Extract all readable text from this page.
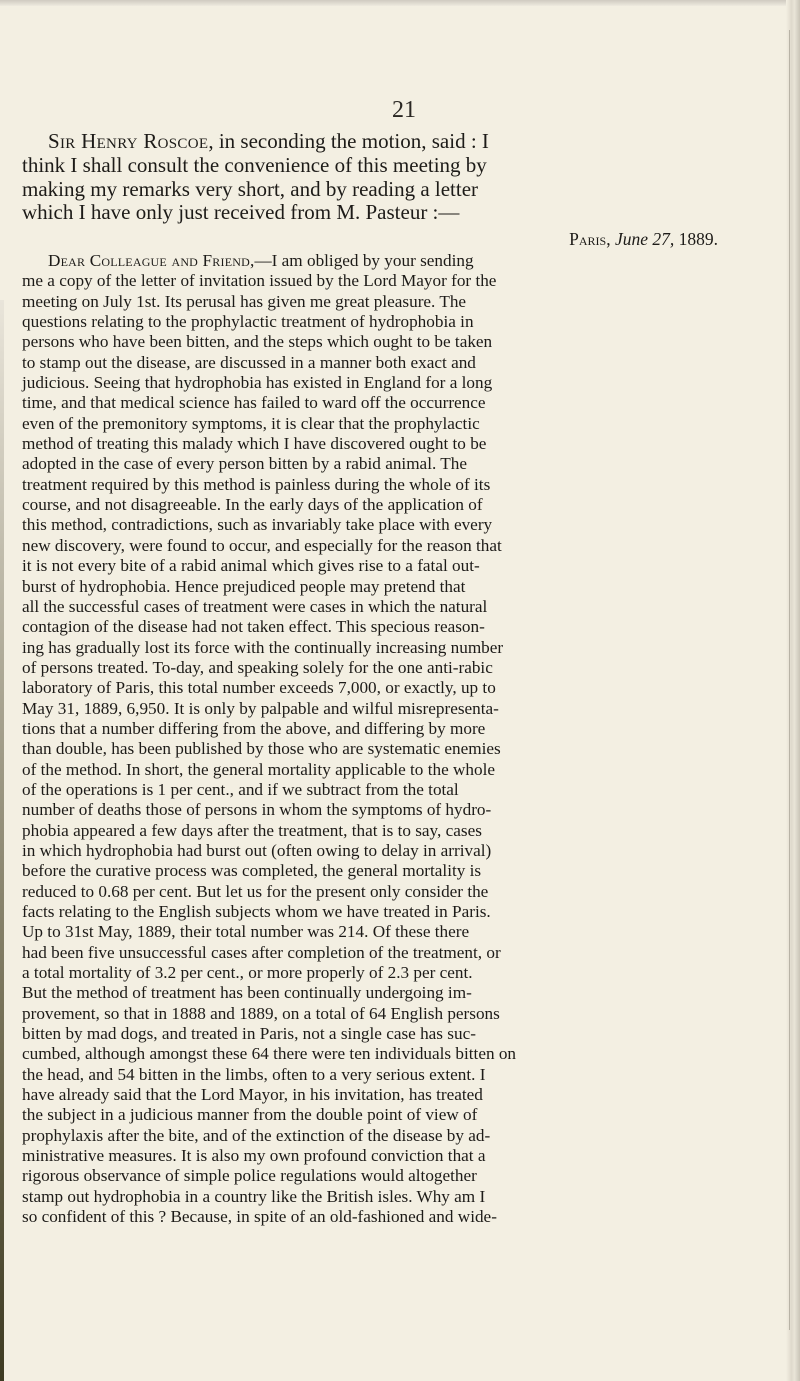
21
Sir Henry Roscoe, in seconding the motion, said : I
think I shall consult the convenience of this meeting by
making my remarks very short, and by reading a letter
which I have only just received from M. Pasteur :—
Paris, June 27, 1889.
Dear Colleague and Friend,—I am obliged by your sending
me a copy of the letter of invitation issued by the Lord Mayor for the
meeting on July 1st. Its perusal has given me great pleasure. The
questions relating to the prophylactic treatment of hydrophobia in
persons who have been bitten, and the steps which ought to be taken
to stamp out the disease, are discussed in a manner both exact and
judicious. Seeing that hydrophobia has existed in England for a long
time, and that medical science has failed to ward off the occurrence
even of the premonitory symptoms, it is clear that the prophylactic
method of treating this malady which I have discovered ought to be
adopted in the case of every person bitten by a rabid animal. The
treatment required by this method is painless during the whole of its
course, and not disagreeable. In the early days of the application of
this method, contradictions, such as invariably take place with every
new discovery, were found to occur, and especially for the reason that
it is not every bite of a rabid animal which gives rise to a fatal out-
burst of hydrophobia. Hence prejudiced people may pretend that
all the successful cases of treatment were cases in which the natural
contagion of the disease had not taken effect. This specious reason-
ing has gradually lost its force with the continually increasing number
of persons treated. To-day, and speaking solely for the one anti-rabic
laboratory of Paris, this total number exceeds 7,000, or exactly, up to
May 31, 1889, 6,950. It is only by palpable and wilful misrepresenta-
tions that a number differing from the above, and differing by more
than double, has been published by those who are systematic enemies
of the method. In short, the general mortality applicable to the whole
of the operations is 1 per cent., and if we subtract from the total
number of deaths those of persons in whom the symptoms of hydro-
phobia appeared a few days after the treatment, that is to say, cases
in which hydrophobia had burst out (often owing to delay in arrival)
before the curative process was completed, the general mortality is
reduced to 0.68 per cent. But let us for the present only consider the
facts relating to the English subjects whom we have treated in Paris.
Up to 31st May, 1889, their total number was 214. Of these there
had been five unsuccessful cases after completion of the treatment, or
a total mortality of 3.2 per cent., or more properly of 2.3 per cent.
But the method of treatment has been continually undergoing im-
provement, so that in 1888 and 1889, on a total of 64 English persons
bitten by mad dogs, and treated in Paris, not a single case has suc-
cumbed, although amongst these 64 there were ten individuals bitten on
the head, and 54 bitten in the limbs, often to a very serious extent. I
have already said that the Lord Mayor, in his invitation, has treated
the subject in a judicious manner from the double point of view of
prophylaxis after the bite, and of the extinction of the disease by ad-
ministrative measures. It is also my own profound conviction that a
rigorous observance of simple police regulations would altogether
stamp out hydrophobia in a country like the British isles. Why am I
so confident of this ? Because, in spite of an old-fashioned and wide-
